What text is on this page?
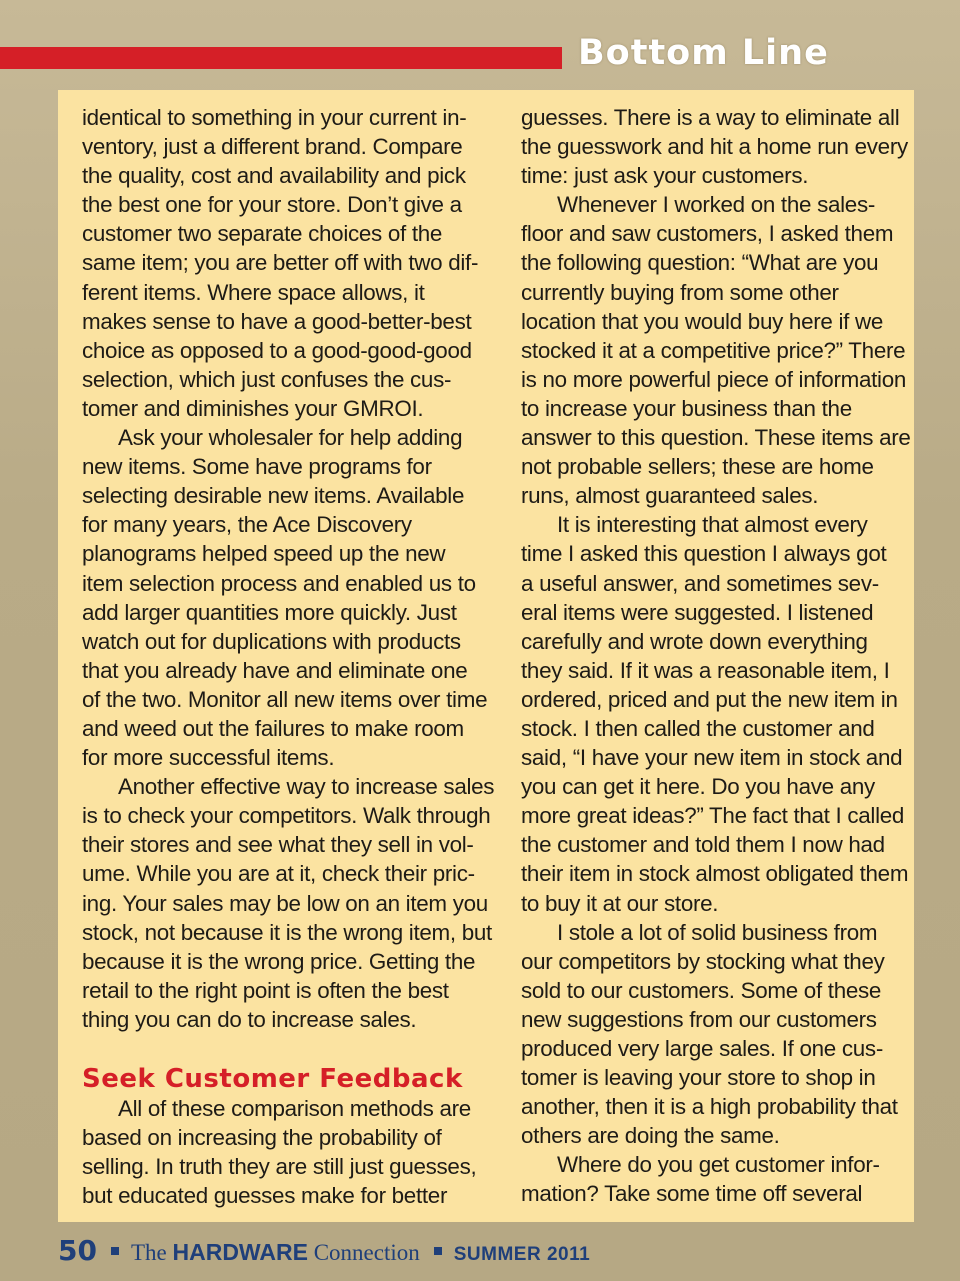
Bottom Line

identical to something in your current in-

ventory, just a different brand. Compare

the quality, cost and availability and pick

the best one for your store. Don’t give a

customer two separate choices of the

same item; you are better off with two dif-

ferent items. Where space allows, it

makes sense to have a good-better-best

choice as opposed to a good-good-good

selection, which just confuses the cus-

tomer and diminishes your GMROI.

Ask your wholesaler for help adding

new items. Some have programs for

selecting desirable new items. Available

for many years, the Ace Discovery

planograms helped speed up the new

item selection process and enabled us to

add larger quantities more quickly. Just

watch out for duplications with products

that you already have and eliminate one

of the two. Monitor all new items over time

and weed out the failures to make room

for more successful items.

Another effective way to increase sales

is to check your competitors. Walk through

their stores and see what they sell in vol-

ume. While you are at it, check their pric-

ing. Your sales may be low on an item you

stock, not because it is the wrong item, but

because it is the wrong price. Getting the

retail to the right point is often the best

thing you can do to increase sales.

Seek Customer Feedback

All of these comparison methods are

based on increasing the probability of

selling. In truth they are still just guesses,

but educated guesses make for better

guesses. There is a way to eliminate all

the guesswork and hit a home run every

time: just ask your customers.

Whenever I worked on the sales-

floor and saw customers, I asked them

the following question: “What are you

currently buying from some other

location that you would buy here if we

stocked it at a competitive price?” There

is no more powerful piece of information

to increase your business than the

answer to this question. These items are

not probable sellers; these are home

runs, almost guaranteed sales.

It is interesting that almost every

time I asked this question I always got

a useful answer, and sometimes sev-

eral items were suggested. I listened

carefully and wrote down everything

they said. If it was a reasonable item, I

ordered, priced and put the new item in

stock. I then called the customer and

said, “I have your new item in stock and

you can get it here. Do you have any

more great ideas?” The fact that I called

the customer and told them I now had

their item in stock almost obligated them

to buy it at our store.

I stole a lot of solid business from

our competitors by stocking what they

sold to our customers. Some of these

new suggestions from our customers

produced very large sales. If one cus-

tomer is leaving your store to shop in

another, then it is a high probability that

others are doing the same.

Where do you get customer infor-

mation? Take some time off several

50 The HARDWARE Connection SUMMER 2011
